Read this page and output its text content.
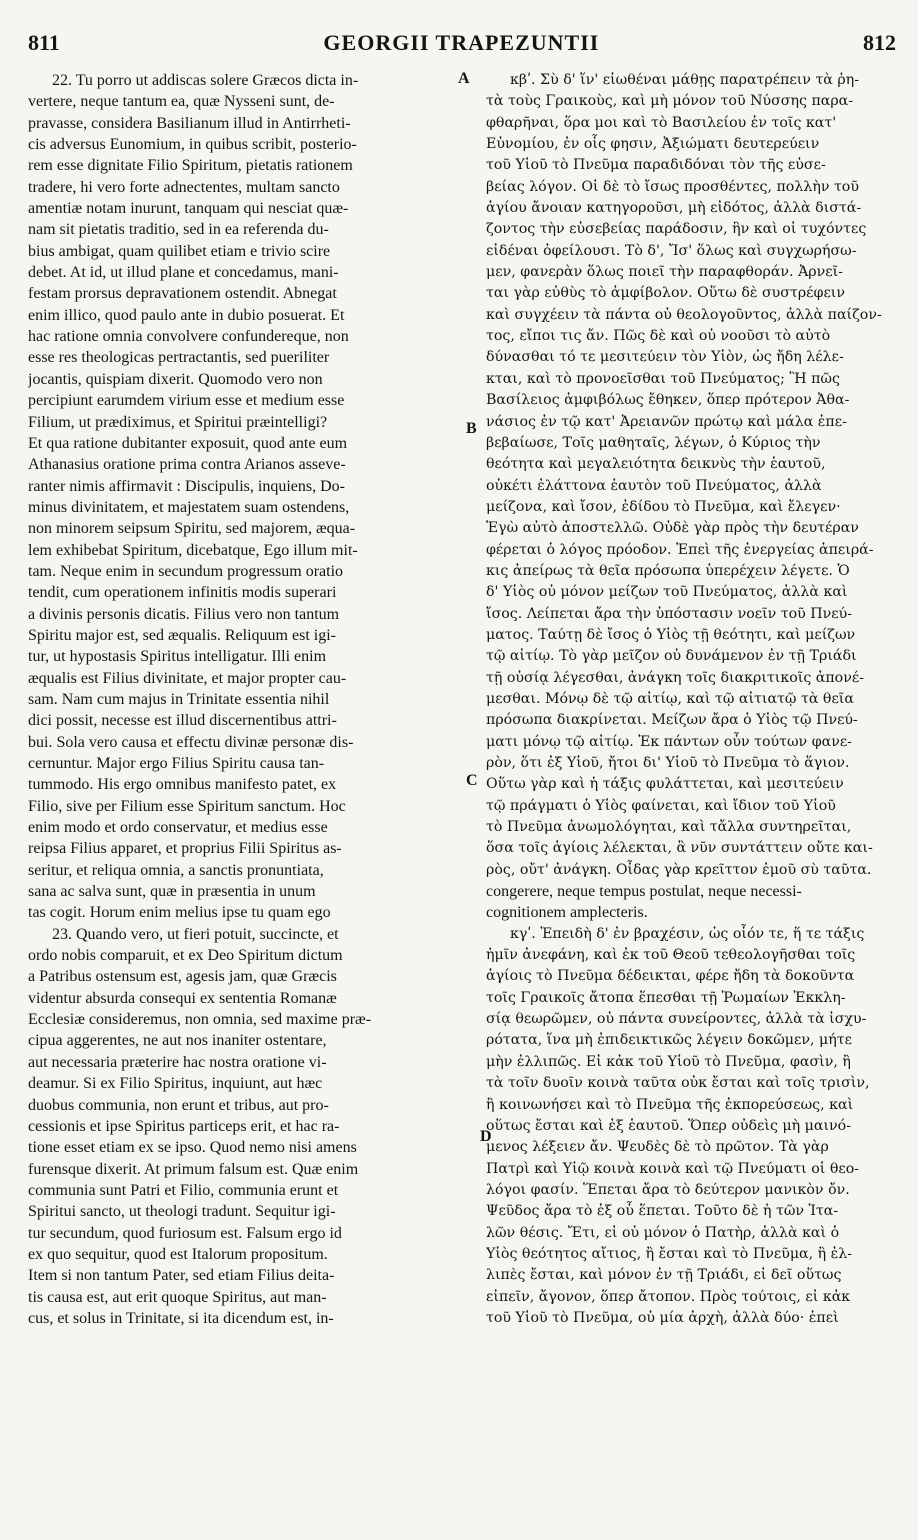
811	GEORGII TRAPEZUNTII	812
A
B
C
D
22. Tu porro ut addiscas solere Græcos dicta in-
vertere, neque tantum ea, quæ Nysseni sunt, de-
pravasse, considera Basilianum illud in Antirrheti-
cis adversus Eunomium, in quibus scribit, posterio-
rem esse dignitate Filio Spiritum, pietatis rationem
tradere, hi vero forte adnectentes, multam sancto
amentiæ notam inurunt, tanquam qui nesciat quæ-
nam sit pietatis traditio, sed in ea referenda du-
bius ambigat, quam quilibet etiam e trivio scire
debet. At id, ut illud plane et concedamus, mani-
festam prorsus depravationem ostendit. Abnegat
enim illico, quod paulo ante in dubio posuerat. Et
hac ratione omnia convolvere confundereque, non
esse res theologicas pertractantis, sed pueriliter
jocantis, quispiam dixerit. Quomodo vero non
percipiunt earumdem virium esse et medium esse
Filium, ut prædiximus, et Spiritui præintelligi?
Et qua ratione dubitanter exposuit, quod ante eum
Athanasius oratione prima contra Arianos asseve-
ranter nimis affirmavit : Discipulis, inquiens, Do-
minus divinitatem, et majestatem suam ostendens,
non minorem seipsum Spiritu, sed majorem, æqua-
lem exhibebat Spiritum, dicebatque, Ego illum mit-
tam. Neque enim in secundum progressum oratio
tendit, cum operationem infinitis modis superari
a divinis personis dicatis. Filius vero non tantum
Spiritu major est, sed æqualis. Reliquum est igi-
tur, ut hypostasis Spiritus intelligatur. Illi enim
æqualis est Filius divinitate, et major propter cau-
sam. Nam cum majus in Trinitate essentia nihil
dici possit, necesse est illud discernentibus attri-
bui. Sola vero causa et effectu divinæ personæ dis-
cernuntur. Major ergo Filius Spiritu causa tan-
tummodo. His ergo omnibus manifesto patet, ex
Filio, sive per Filium esse Spiritum sanctum. Hoc
enim modo et ordo conservatur, et medius esse
reipsa Filius apparet, et proprius Filii Spiritus as-
seritur, et reliqua omnia, a sanctis pronuntiata,
sana ac salva sunt, quæ in præsentia in unum
tas cogit. Horum enim melius ipse tu quam ego
23. Quando vero, ut fieri potuit, succincte, et
ordo nobis comparuit, et ex Deo Spiritum dictum
a Patribus ostensum est, agesis jam, quæ Græcis
videntur absurda consequi ex sententia Romanæ
Ecclesiæ consideremus, non omnia, sed maxime præ-
cipua aggerentes, ne aut nos inaniter ostentare,
aut necessaria præterire hac nostra oratione vi-
deamur. Si ex Filio Spiritus, inquiunt, aut hæc
duobus communia, non erunt et tribus, aut pro-
cessionis et ipse Spiritus particeps erit, et hac ra-
tione esset etiam ex se ipso. Quod nemo nisi amens
furensque dixerit. At primum falsum est. Quæ enim
communia sunt Patri et Filio, communia erunt et
Spiritui sancto, ut theologi tradunt. Sequitur igi-
tur secundum, quod furiosum est. Falsum ergo id
ex quo sequitur, quod est Italorum propositum.
Item si non tantum Pater, sed etiam Filius deita-
tis causa est, aut erit quoque Spiritus, aut man-
cus, et solus in Trinitate, si ita dicendum est, in-
κβʹ. Σὺ δ' ἵν' εἰωθέναι μάθῃς παρατρέπειν τὰ ῥη-
τὰ τοὺς Γραικοὺς, καὶ μὴ μόνον τοῦ Νύσσης παρα-
φθαρῆναι, ὅρα μοι καὶ τὸ Βασιλείου ἐν τοῖς κατ'
Εὐνομίου, ἐν οἷς φησιν, Ἀξιώματι δευτερεύειν
τοῦ Υἱοῦ τὸ Πνεῦμα παραδιδόναι τὸν τῆς εὐσε-
βείας λόγον. Οἱ δὲ τὸ ἴσως προσθέντες, πολλὴν τοῦ
ἁγίου ἄνοιαν κατηγοροῦσι, μὴ εἰδότος, ἀλλὰ διστά-
ζοντος τὴν εὐσεβείας παράδοσιν, ἣν καὶ οἱ τυχόντες
εἰδέναι ὀφείλουσι. Τὸ δ', Ἴσ' ὅλως καὶ συγχωρήσω-
μεν, φανερὰν ὅλως ποιεῖ τὴν παραφθοράν. Ἀρνεῖ-
ται γὰρ εὐθὺς τὸ ἀμφίβολον. Οὕτω δὲ συστρέφειν
καὶ συγχέειν τὰ πάντα οὐ θεολογοῦντος, ἀλλὰ παίζον-
τος, εἴποι τις ἄν. Πῶς δὲ καὶ οὐ νοοῦσι τὸ αὐτὸ
δύνασθαι τό τε μεσιτεύειν τὸν Υἱὸν, ὡς ἤδη λέλε-
κται, καὶ τὸ προνοεῖσθαι τοῦ Πνεύματος; Ἢ πῶς
Βασίλειος ἀμφιβόλως ἔθηκεν, ὅπερ πρότερον Ἀθα-
νάσιος ἐν τῷ κατ' Ἀρειανῶν πρώτῳ καὶ μάλα ἐπε-
βεβαίωσε, Τοῖς μαθηταῖς, λέγων, ὁ Κύριος τὴν
θεότητα καὶ μεγαλειότητα δεικνὺς τὴν ἑαυτοῦ,
οὐκέτι ἐλάττονα ἑαυτὸν τοῦ Πνεύματος, ἀλλὰ
μείζονα, καὶ ἴσον, ἐδίδου τὸ Πνεῦμα, καὶ ἔλεγεν·
Ἐγὼ αὐτὸ ἀποστελλῶ. Οὐδὲ γὰρ πρὸς τὴν δευτέραν
φέρεται ὁ λόγος πρόοδον. Ἐπεὶ τῆς ἐνεργείας ἀπειρά-
κις ἀπείρως τὰ θεῖα πρόσωπα ὑπερέχειν λέγετε. Ὁ
δ' Υἱὸς οὐ μόνον μείζων τοῦ Πνεύματος, ἀλλὰ καὶ
ἴσος. Λείπεται ἄρα τὴν ὑπόστασιν νοεῖν τοῦ Πνεύ-
ματος. Ταύτῃ δὲ ἴσος ὁ Υἱὸς τῇ θεότητι, καὶ μείζων
τῷ αἰτίῳ. Τὸ γὰρ μεῖζον οὐ δυνάμενον ἐν τῇ Τριάδι
τῇ οὐσίᾳ λέγεσθαι, ἀνάγκη τοῖς διακριτικοῖς ἀπονέ-
μεσθαι. Μόνῳ δὲ τῷ αἰτίῳ, καὶ τῷ αἰτιατῷ τὰ θεῖα
πρόσωπα διακρίνεται. Μείζων ἄρα ὁ Υἱὸς τῷ Πνεύ-
ματι μόνῳ τῷ αἰτίῳ. Ἐκ πάντων οὖν τούτων φανε-
ρὸν, ὅτι ἐξ Υἱοῦ, ἤτοι δι' Υἱοῦ τὸ Πνεῦμα τὸ ἅγιον.
Οὕτω γὰρ καὶ ἡ τάξις φυλάττεται, καὶ μεσιτεύειν
τῷ πράγματι ὁ Υἱὸς φαίνεται, καὶ ἴδιον τοῦ Υἱοῦ
τὸ Πνεῦμα ἀνωμολόγηται, καὶ τἄλλα συντηρεῖται,
ὅσα τοῖς ἁγίοις λέλεκται, ἃ νῦν συντάττειν οὔτε και-
ρὸς, οὔτ' ἀνάγκη. Οἶδας γὰρ κρεῖττον ἐμοῦ σὺ ταῦτα.
congerere, neque tempus postulat, neque necessi-
cognitionem amplecteris.
κγʹ. Ἐπειδὴ δ' ἐν βραχέσιν, ὡς οἷόν τε, ἥ τε τάξις
ἡμῖν ἀνεφάνη, καὶ ἐκ τοῦ Θεοῦ τεθεολογῆσθαι τοῖς
ἁγίοις τὸ Πνεῦμα δέδεικται, φέρε ἤδη τὰ δοκοῦντα
τοῖς Γραικοῖς ἄτοπα ἕπεσθαι τῇ Ῥωμαίων Ἐκκλη-
σίᾳ θεωρῶμεν, οὐ πάντα συνείροντες, ἀλλὰ τὰ ἰσχυ-
ρότατα, ἵνα μὴ ἐπιδεικτικῶς λέγειν δοκῶμεν, μήτε
μὴν ἐλλιπῶς. Εἰ κἀκ τοῦ Υἱοῦ τὸ Πνεῦμα, φασὶν, ἢ
τὰ τοῖν δυοῖν κοινὰ ταῦτα οὐκ ἔσται καὶ τοῖς τρισὶν,
ἢ κοινωνήσει καὶ τὸ Πνεῦμα τῆς ἐκπορεύσεως, καὶ
οὕτως ἔσται καὶ ἐξ ἑαυτοῦ. Ὅπερ οὐδεὶς μὴ μαινό-
μενος λέξειεν ἄν. Ψευδὲς δὲ τὸ πρῶτον. Τὰ γὰρ
Πατρὶ καὶ Υἱῷ κοινὰ κοινὰ καὶ τῷ Πνεύματι οἱ θεο-
λόγοι φασίν. Ἕπεται ἄρα τὸ δεύτερον μανικὸν ὄν.
Ψεῦδος ἄρα τὸ ἐξ οὗ ἕπεται. Τοῦτο δὲ ἡ τῶν Ἰτα-
λῶν θέσις. Ἔτι, εἰ οὐ μόνον ὁ Πατὴρ, ἀλλὰ καὶ ὁ
Υἱὸς θεότητος αἴτιος, ἢ ἔσται καὶ τὸ Πνεῦμα, ἢ ἐλ-
λιπὲς ἔσται, καὶ μόνον ἐν τῇ Τριάδι, εἰ δεῖ οὕτως
εἰπεῖν, ἄγονον, ὅπερ ἄτοπον. Πρὸς τούτοις, εἰ κἀκ
τοῦ Υἱοῦ τὸ Πνεῦμα, οὐ μία ἀρχὴ, ἀλλὰ δύο· ἐπεὶ
